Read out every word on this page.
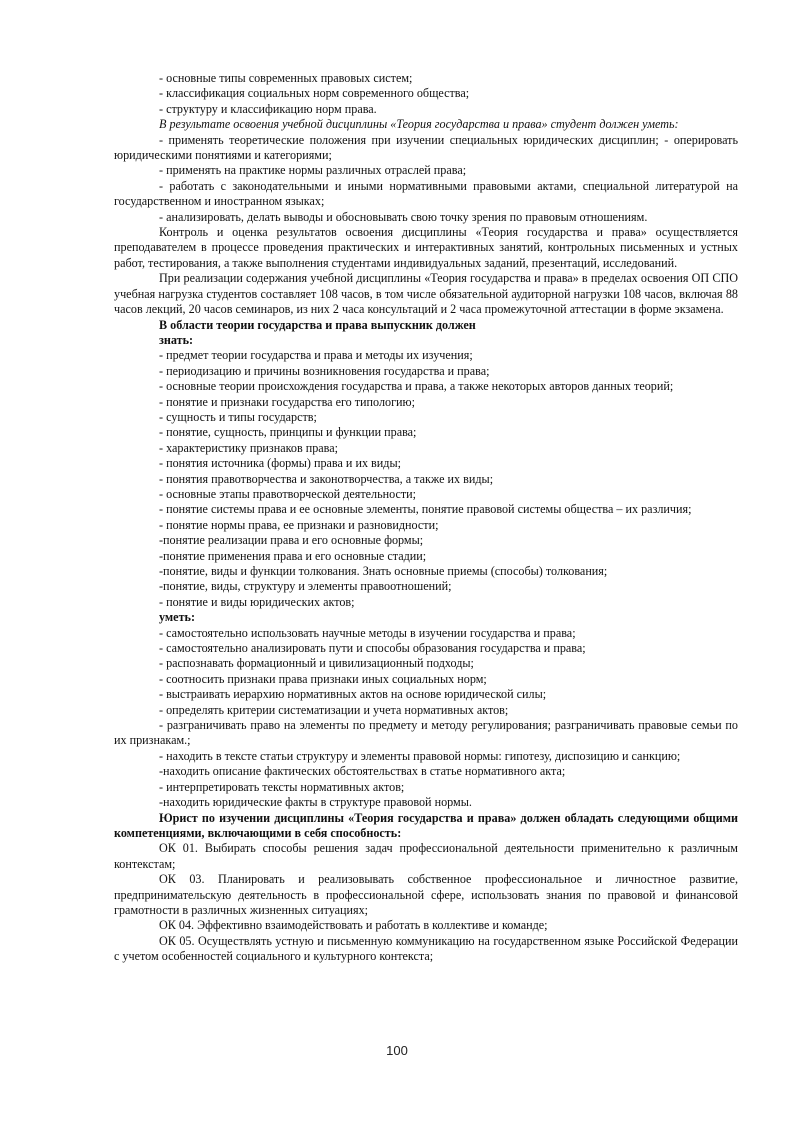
- основные типы современных правовых систем;

- классификация социальных норм современного общества;

- структуру и классификацию норм права.

В результате освоения учебной дисциплины «Теория государства и права» студент должен уметь:

- применять теоретические положения при изучении специальных юридических дисциплин; - оперировать юридическими понятиями и категориями;

- применять на практике нормы различных отраслей права;

- работать с законодательными и иными нормативными правовыми актами, специальной литературой на государственном и иностранном языках;

- анализировать, делать выводы и обосновывать свою точку зрения по правовым отношениям.

Контроль и оценка результатов освоения дисциплины «Теория государства и права» осуществляется преподавателем в процессе проведения практических и интерактивных занятий, контрольных письменных и устных работ, тестирования, а также выполнения студентами индивидуальных заданий, презентаций, исследований.

При реализации содержания учебной дисциплины «Теория государства и права» в пределах освоения ОП СПО учебная нагрузка студентов составляет 108 часов, в том числе обязательной аудиторной нагрузки 108 часов, включая 88 часов лекций, 20 часов семинаров, из них 2 часа консультаций и 2 часа промежуточной аттестации в форме экзамена.

В области теории государства и права выпускник должен

знать:

- предмет теории государства и права и методы их изучения;

- периодизацию и причины возникновения государства и права;

- основные теории происхождения государства и права, а также некоторых авторов данных теорий;

- понятие и признаки государства его типологию;

- сущность и типы государств;

- понятие, сущность, принципы и функции права;

- характеристику признаков права;

- понятия источника (формы) права и их виды;

- понятия правотворчества и законотворчества, а также их виды;

- основные этапы правотворческой деятельности;

- понятие системы права и ее основные элементы, понятие правовой системы общества – их различия;

- понятие нормы права, ее признаки и разновидности;

-понятие реализации права и его основные формы;

-понятие применения права и его основные стадии;

-понятие, виды и функции толкования. Знать основные приемы (способы) толкования;

-понятие, виды, структуру и элементы правоотношений;

- понятие и виды юридических актов;

уметь:

- самостоятельно использовать научные методы в изучении государства и права;

- самостоятельно анализировать пути и способы образования государства и права;

- распознавать формационный и цивилизационный подходы;

- соотносить признаки права признаки иных социальных норм;

- выстраивать иерархию нормативных актов на основе юридической силы;

- определять критерии систематизации и учета нормативных актов;

- разграничивать право на элементы по предмету и методу регулирования; разграничивать правовые семьи по их признакам.;

- находить в тексте статьи структуру и элементы правовой нормы: гипотезу, диспозицию и санкцию;

-находить описание фактических обстоятельствах в статье нормативного акта;

- интерпретировать тексты нормативных актов;

-находить юридические факты в структуре правовой нормы.

Юрист по изучении дисциплины «Теория государства и права» должен обладать следующими общими компетенциями, включающими в себя способность:

ОК 01. Выбирать способы решения задач профессиональной деятельности применительно к различным контекстам;

ОК 03. Планировать и реализовывать собственное профессиональное и личностное развитие, предпринимательскую деятельность в профессиональной сфере, использовать знания по правовой и финансовой грамотности в различных жизненных ситуациях;

ОК 04. Эффективно взаимодействовать и работать в коллективе и команде;

ОК 05. Осуществлять устную и письменную коммуникацию на государственном языке Российской Федерации с учетом особенностей социального и культурного контекста;

100
